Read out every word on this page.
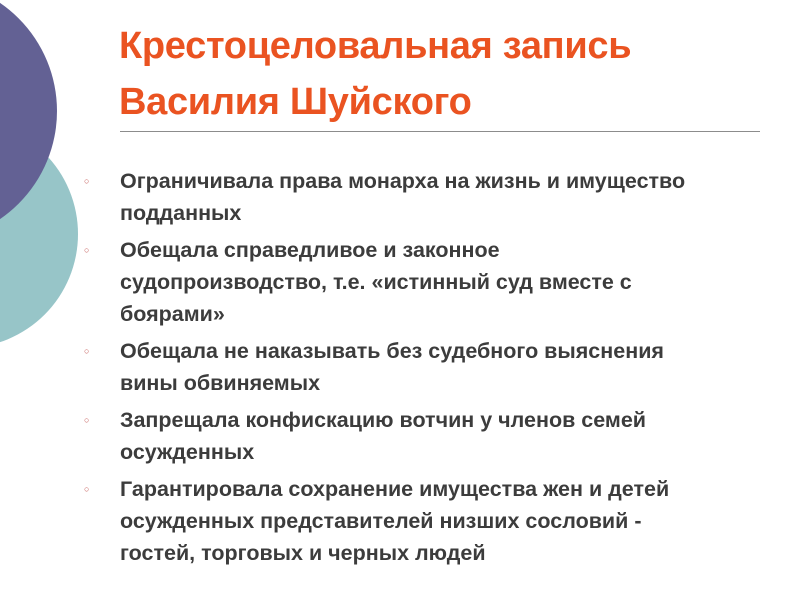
Крестоцеловальная запись
Василия Шуйского
○	Ограничивала права монарха на жизнь и имущество
подданных
○	Обещала справедливое и законное
судопроизводство, т.е. «истинный суд вместе с
боярами»
○	Обещала не наказывать без судебного выяснения
вины обвиняемых
○	Запрещала конфискацию вотчин у членов семей
осужденных
○	Гарантировала сохранение имущества жен и детей
осужденных представителей низших сословий -
гостей, торговых и черных людей
